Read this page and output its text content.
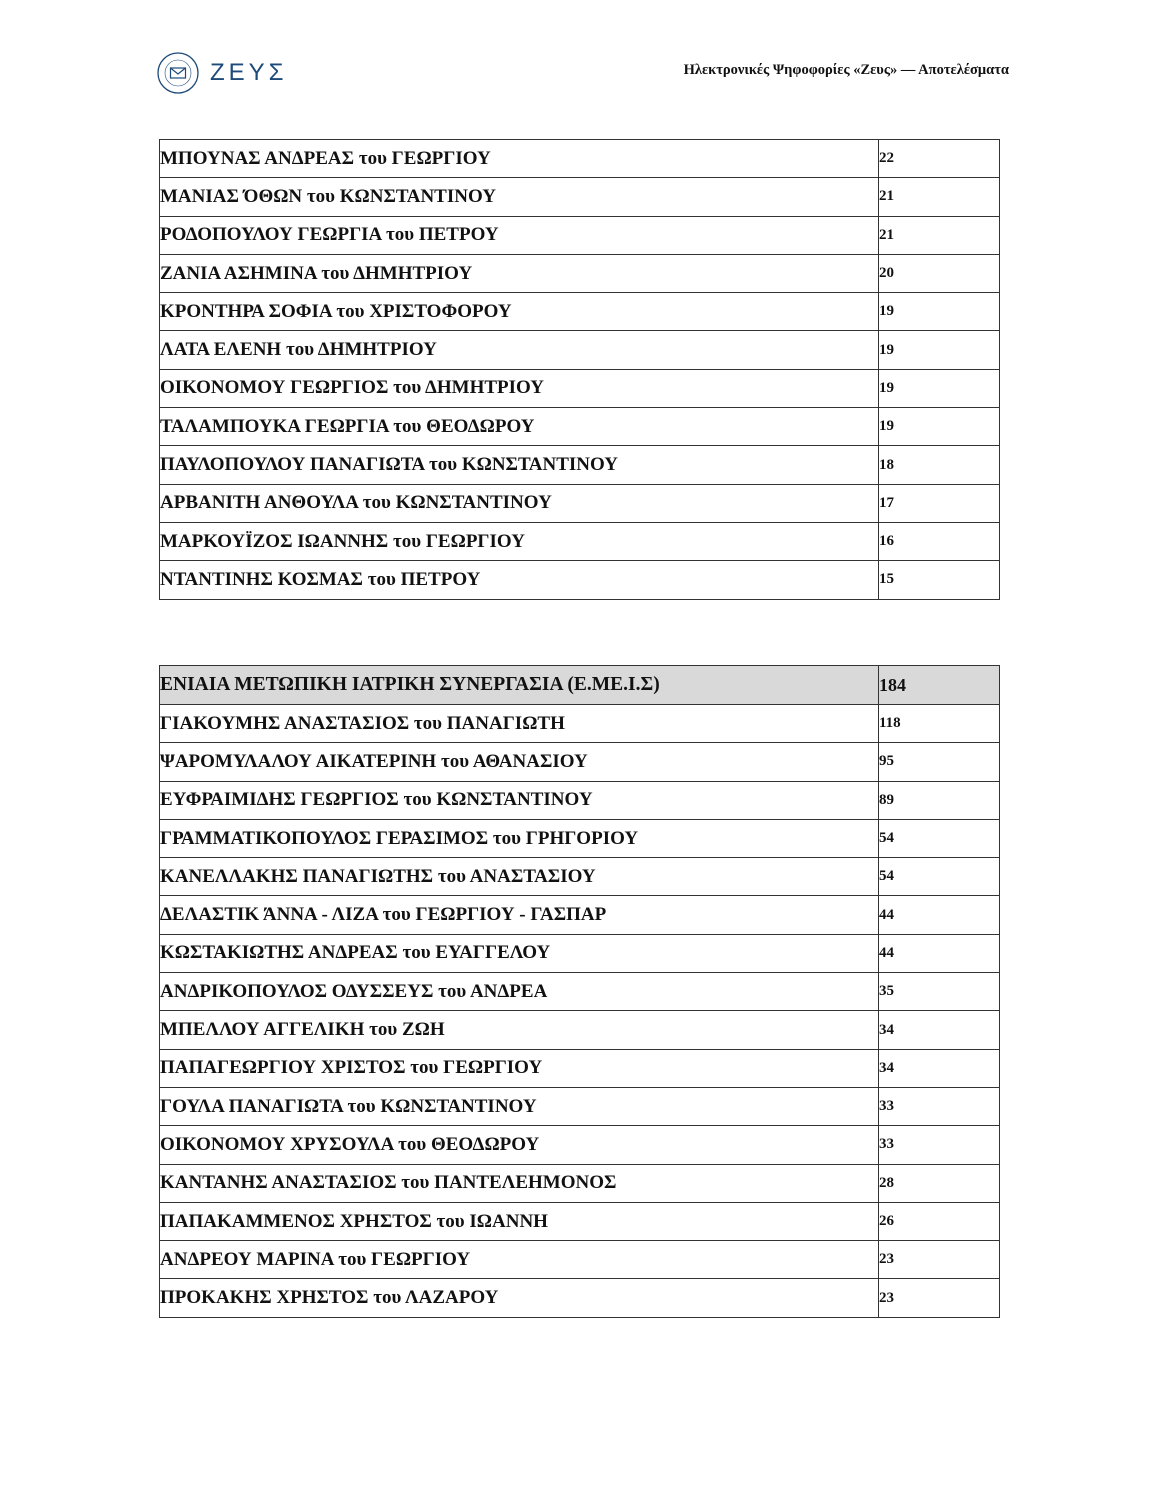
ΖΕΥΣ	Ηλεκτρονικές Ψηφοφορίες «Ζευς» — Αποτελέσματα
ΜΠΟΥΝΑΣ ΑΝΔΡΕΑΣ του ΓΕΩΡΓΙΟΥ	22
ΜΑΝΙΑΣ ΌΘΩΝ του ΚΩΝΣΤΑΝΤΙΝΟΥ	21
ΡΟΔΟΠΟΥΛΟΥ ΓΕΩΡΓΙΑ του ΠΕΤΡΟΥ	21
ΖΑΝΙΑ ΑΣΗΜΙΝΑ του ΔΗΜΗΤΡΙΟΥ	20
ΚΡΟΝΤΗΡΑ ΣΟΦΙΑ του ΧΡΙΣΤΟΦΟΡΟΥ	19
ΛΑΤΑ ΕΛΕΝΗ του ΔΗΜΗΤΡΙΟΥ	19
ΟΙΚΟΝΟΜΟΥ ΓΕΩΡΓΙΟΣ του ΔΗΜΗΤΡΙΟΥ	19
ΤΑΛΑΜΠΟΥΚΑ ΓΕΩΡΓΙΑ του ΘΕΟΔΩΡΟΥ	19
ΠΑΥΛΟΠΟΥΛΟΥ ΠΑΝΑΓΙΩΤΑ του ΚΩΝΣΤΑΝΤΙΝΟΥ	18
ΑΡΒΑΝΙΤΗ ΑΝΘΟΥΛΑ του ΚΩΝΣΤΑΝΤΙΝΟΥ	17
ΜΑΡΚΟΥΪΖΟΣ ΙΩΑΝΝΗΣ του ΓΕΩΡΓΙΟΥ	16
ΝΤΑΝΤΙΝΗΣ ΚΟΣΜΑΣ του ΠΕΤΡΟΥ	15
ΕΝΙΑΙΑ ΜΕΤΩΠΙΚΗ ΙΑΤΡΙΚΗ ΣΥΝΕΡΓΑΣΙΑ (Ε.ΜΕ.Ι.Σ)	184
ΓΙΑΚΟΥΜΗΣ ΑΝΑΣΤΑΣΙΟΣ του ΠΑΝΑΓΙΩΤΗ	118
ΨΑΡΟΜΥΛΑΛΟΥ ΑΙΚΑΤΕΡΙΝΗ του ΑΘΑΝΑΣΙΟΥ	95
ΕΥΦΡΑΙΜΙΔΗΣ ΓΕΩΡΓΙΟΣ του ΚΩΝΣΤΑΝΤΙΝΟΥ	89
ΓΡΑΜΜΑΤΙΚΟΠΟΥΛΟΣ ΓΕΡΑΣΙΜΟΣ του ΓΡΗΓΟΡΙΟΥ	54
ΚΑΝΕΛΛΑΚΗΣ ΠΑΝΑΓΙΩΤΗΣ του ΑΝΑΣΤΑΣΙΟΥ	54
ΔΕΛΑΣΤΙΚ ΆΝΝΑ - ΛΙΖΑ του ΓΕΩΡΓΙΟΥ - ΓΑΣΠΑΡ	44
ΚΩΣΤΑΚΙΩΤΗΣ ΑΝΔΡΕΑΣ του ΕΥΑΓΓΕΛΟΥ	44
ΑΝΔΡΙΚΟΠΟΥΛΟΣ ΟΔΥΣΣΕΥΣ του ΑΝΔΡΕΑ	35
ΜΠΕΛΛΟΥ ΑΓΓΕΛΙΚΗ του ΖΩΗ	34
ΠΑΠΑΓΕΩΡΓΙΟΥ ΧΡΙΣΤΟΣ του ΓΕΩΡΓΙΟΥ	34
ΓΟΥΛΑ ΠΑΝΑΓΙΩΤΑ του ΚΩΝΣΤΑΝΤΙΝΟΥ	33
ΟΙΚΟΝΟΜΟΥ ΧΡΥΣΟΥΛΑ του ΘΕΟΔΩΡΟΥ	33
ΚΑΝΤΑΝΗΣ ΑΝΑΣΤΑΣΙΟΣ του ΠΑΝΤΕΛΕΗΜΟΝΟΣ	28
ΠΑΠΑΚΑΜΜΕΝΟΣ ΧΡΗΣΤΟΣ του ΙΩΑΝΝΗ	26
ΑΝΔΡΕΟΥ ΜΑΡΙΝΑ του ΓΕΩΡΓΙΟΥ	23
ΠΡΟΚΑΚΗΣ ΧΡΗΣΤΟΣ του ΛΑΖΑΡΟΥ	23
